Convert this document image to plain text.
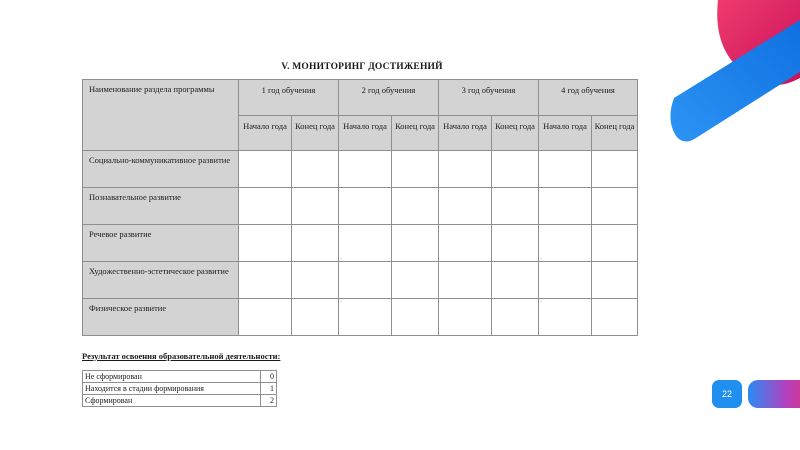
V. МОНИТОРИНГ ДОСТИЖЕНИЙ
Наименование раздела программы	1 год обучения		2 год обучения		3 год обучения		4 год обучения	
	Начало года	Конец года	Начало года	Конец года	Начало года	Конец года	Начало года	Конец года
Социально-коммуникативное развитие								
Познавательное развитие								
Речевое развитие								
Художественно-эстетическое развитие								
Физическое развитие								
Результат освоения образовательной деятельности:
Не сформирован	0
Находится в стадии формирования	1
Сформирован	2
22
